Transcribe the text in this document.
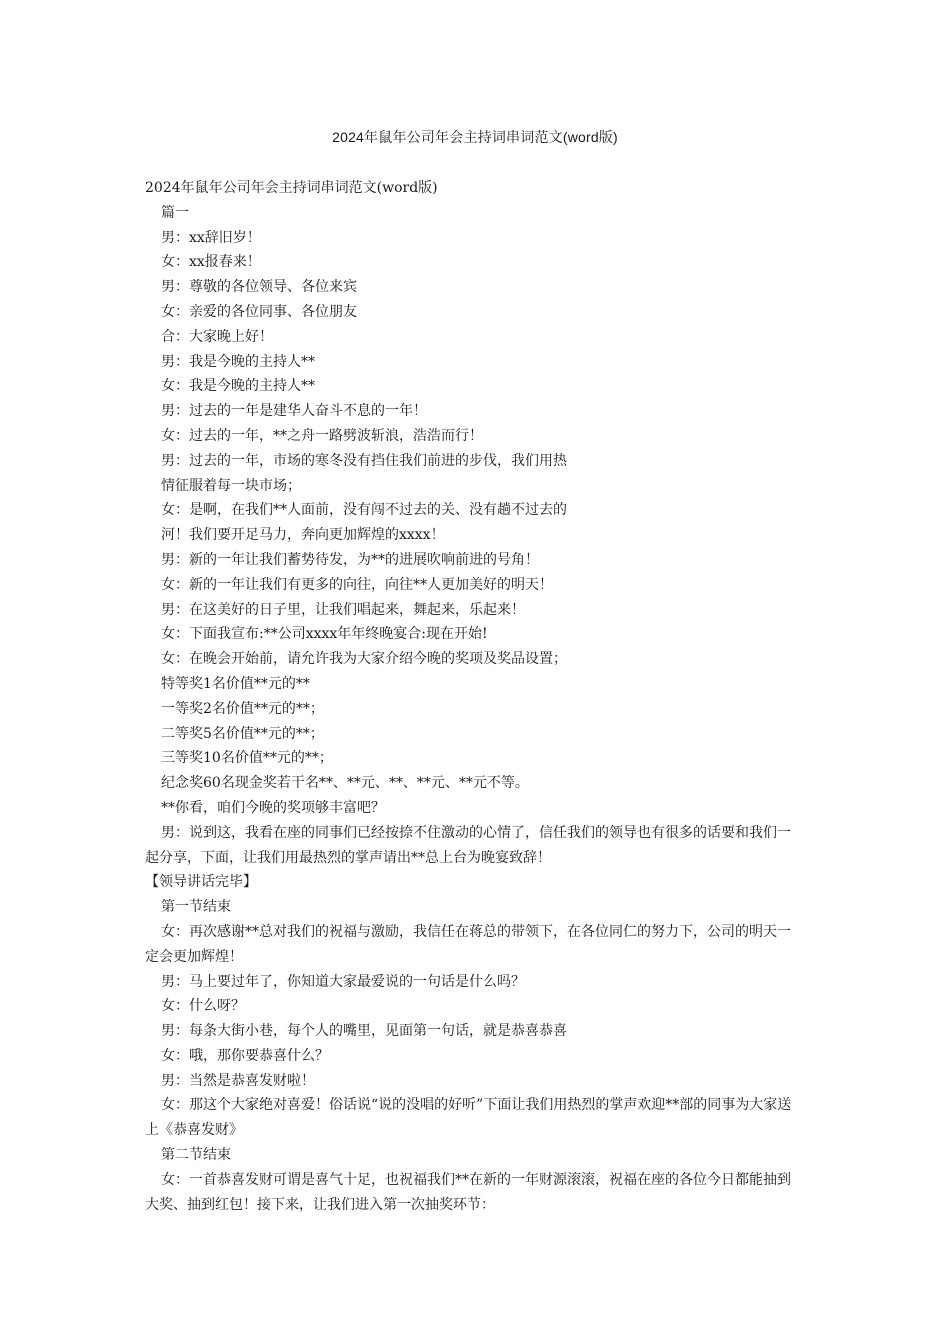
2024年鼠年公司年会主持词串词范文(word版)

2024年鼠年公司年会主持词串词范文(word版)

篇一

男：xx辞旧岁！

女：xx报春来！

男：尊敬的各位领导、各位来宾

女：亲爱的各位同事、各位朋友

合：大家晚上好！

男：我是今晚的主持人**

女：我是今晚的主持人**

男：过去的一年是建华人奋斗不息的一年！

女：过去的一年，**之舟一路劈波斩浪，浩浩而行！

男：过去的一年，市场的寒冬没有挡住我们前进的步伐，我们用热

情征服着每一块市场；

女：是啊，在我们**人面前，没有闯不过去的关、没有趟不过去的

河！我们要开足马力，奔向更加辉煌的xxxx！

男：新的一年让我们蓄势待发，为**的进展吹响前进的号角！

女：新的一年让我们有更多的向往，向往**人更加美好的明天！

男：在这美好的日子里，让我们唱起来，舞起来，乐起来！

女：下面我宣布:**公司xxxx年年终晚宴合:现在开始!

女：在晚会开始前，请允许我为大家介绍今晚的奖项及奖品设置；

特等奖1名价值**元的**

一等奖2名价值**元的**；

二等奖5名价值**元的**；

三等奖10名价值**元的**；

纪念奖60名现金奖若干名**、**元、**、**元、**元不等。

**你看，咱们今晚的奖项够丰富吧？

男：说到这，我看在座的同事们已经按捺不住激动的心情了，信任我们的领导也有很多的话要和我们一起分享，下面，让我们用最热烈的掌声请出**总上台为晚宴致辞！

【领导讲话完毕】

第一节结束

女：再次感谢**总对我们的祝福与激励，我信任在蒋总的带领下，在各位同仁的努力下，公司的明天一定会更加辉煌！

男：马上要过年了，你知道大家最爱说的一句话是什么吗？

女：什么呀？

男：每条大街小巷，每个人的嘴里，见面第一句话，就是恭喜恭喜

女：哦，那你要恭喜什么？

男：当然是恭喜发财啦！

女：那这个大家绝对喜爱！俗话说“说的没唱的好听”下面让我们用热烈的掌声欢迎**部的同事为大家送上《恭喜发财》

第二节结束

女：一首恭喜发财可谓是喜气十足，也祝福我们**在新的一年财源滚滚，祝福在座的各位今日都能抽到大奖、抽到红包！接下来，让我们进入第一次抽奖环节：
